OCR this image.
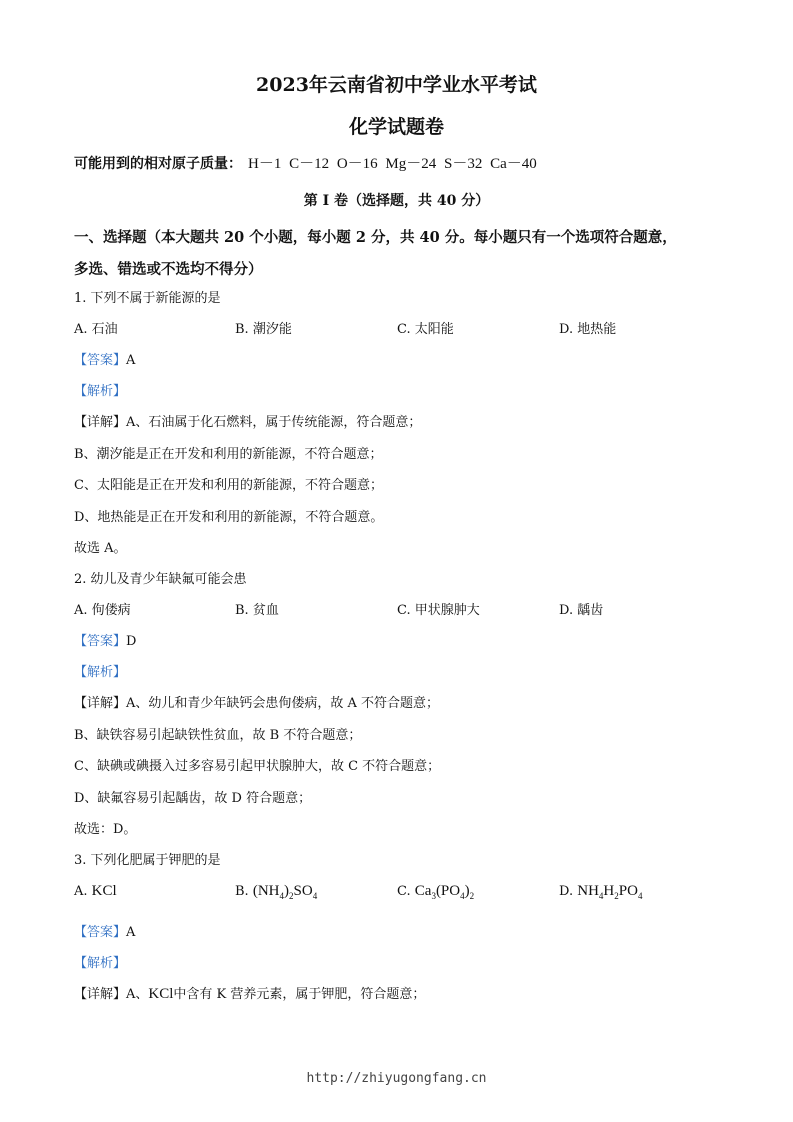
2023年云南省初中学业水平考试
化学试题卷
可能用到的相对原子质量： H－1 C－12 O－16 Mg－24 S－32 Ca－40
第 I 卷（选择题，共 40 分）
一、选择题（本大题共 20 个小题，每小题 2 分，共 40 分。每小题只有一个选项符合题意，
多选、错选或不选均不得分）
1. 下列不属于新能源的是
A. 石油	B. 潮汐能	C. 太阳能	D. 地热能
【答案】A
【解析】
【详解】A、石油属于化石燃料，属于传统能源，符合题意；
B、潮汐能是正在开发和利用的新能源，不符合题意；
C、太阳能是正在开发和利用的新能源，不符合题意；
D、地热能是正在开发和利用的新能源，不符合题意。
故选 A。
2. 幼儿及青少年缺氟可能会患
A. 佝偻病	B. 贫血	C. 甲状腺肿大	D. 龋齿
【答案】D
【解析】
【详解】A、幼儿和青少年缺钙会患佝偻病，故 A 不符合题意；
B、缺铁容易引起缺铁性贫血，故 B 不符合题意；
C、缺碘或碘摄入过多容易引起甲状腺肿大，故 C 不符合题意；
D、缺氟容易引起龋齿，故 D 符合题意；
故选：D。
3. 下列化肥属于钾肥的是
A. KCl	B. $(NH_4)_2SO_4$	C. $Ca_3(PO_4)_2$	D. $NH_4H_2PO_4$
【答案】A
【解析】
【详解】A、KCl中含有 K 营养元素，属于钾肥，符合题意；
http://zhiyugongfang.cn
